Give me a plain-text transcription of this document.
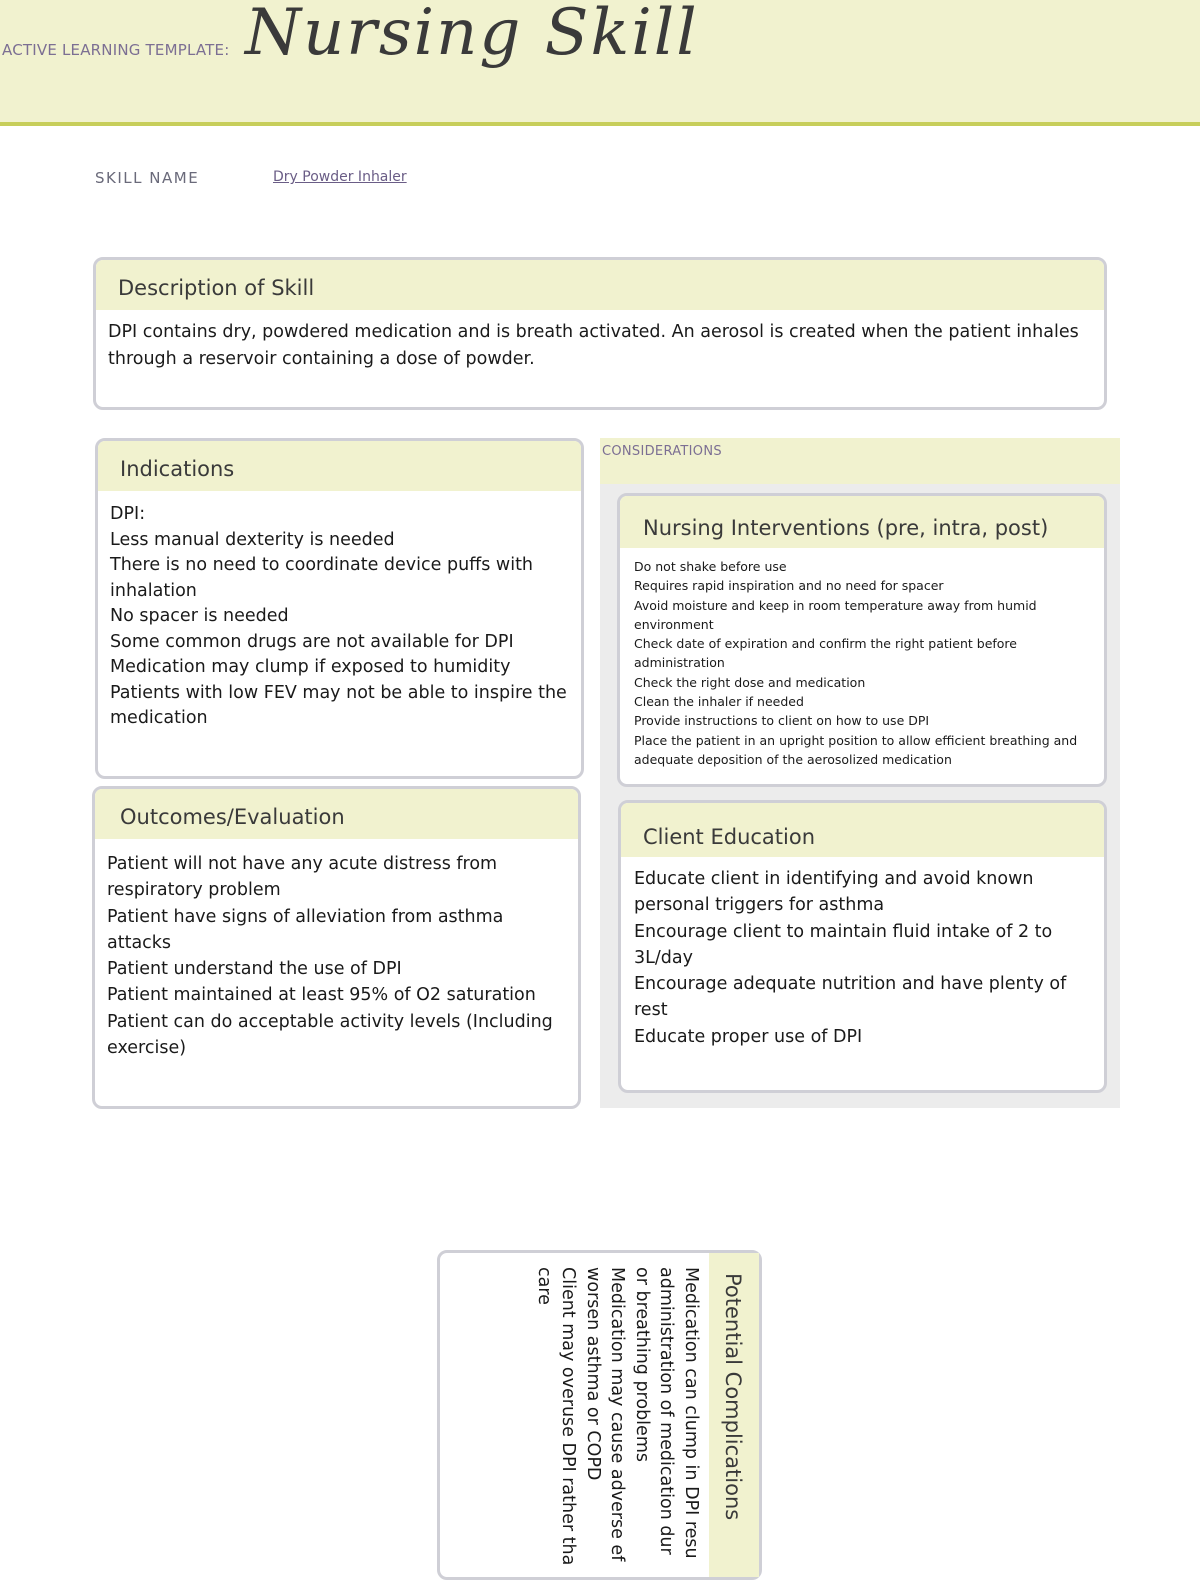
ACTIVE LEARNING TEMPLATE: Nursing Skill
SKILL NAME	Dry Powder Inhaler
Description of Skill
DPI contains dry, powdered medication and is breath activated. An aerosol is created when the patient inhales
through a reservoir containing a dose of powder.
Indications
DPI:
Less manual dexterity is needed
There is no need to coordinate device puffs with
inhalation
No spacer is needed
Some common drugs are not available for DPI
Medication may clump if exposed to humidity
Patients with low FEV may not be able to inspire the
medication
Outcomes/Evaluation
Patient will not have any acute distress from
respiratory problem
Patient have signs of alleviation from asthma attacks
Patient understand the use of DPI
Patient maintained at least 95% of O2 saturation
Patient can do acceptable activity levels (Including
exercise)
CONSIDERATIONS
Nursing Interventions (pre, intra, post)
Do not shake before use
Requires rapid inspiration and no need for spacer
Avoid moisture and keep in room temperature away from humid
environment
Check date of expiration and confirm the right patient before
administration
Check the right dose and medication
Clean the inhaler if needed
Provide instructions to client on how to use DPI
Place the patient in an upright position to allow efficient breathing and
adequate deposition of the aerosolized medication
Client Education
Educate client in identifying and avoid known
personal triggers for asthma
Encourage client to maintain fluid intake of 2 to
3L/day
Encourage adequate nutrition and have plenty of
rest
Educate proper use of DPI
Potential Complications
Medication can clump in DPI resu
administration of medication dur
or breathing problems
Medication may cause adverse ef
worsen asthma or COPD
Client may overuse DPI rather tha
care
